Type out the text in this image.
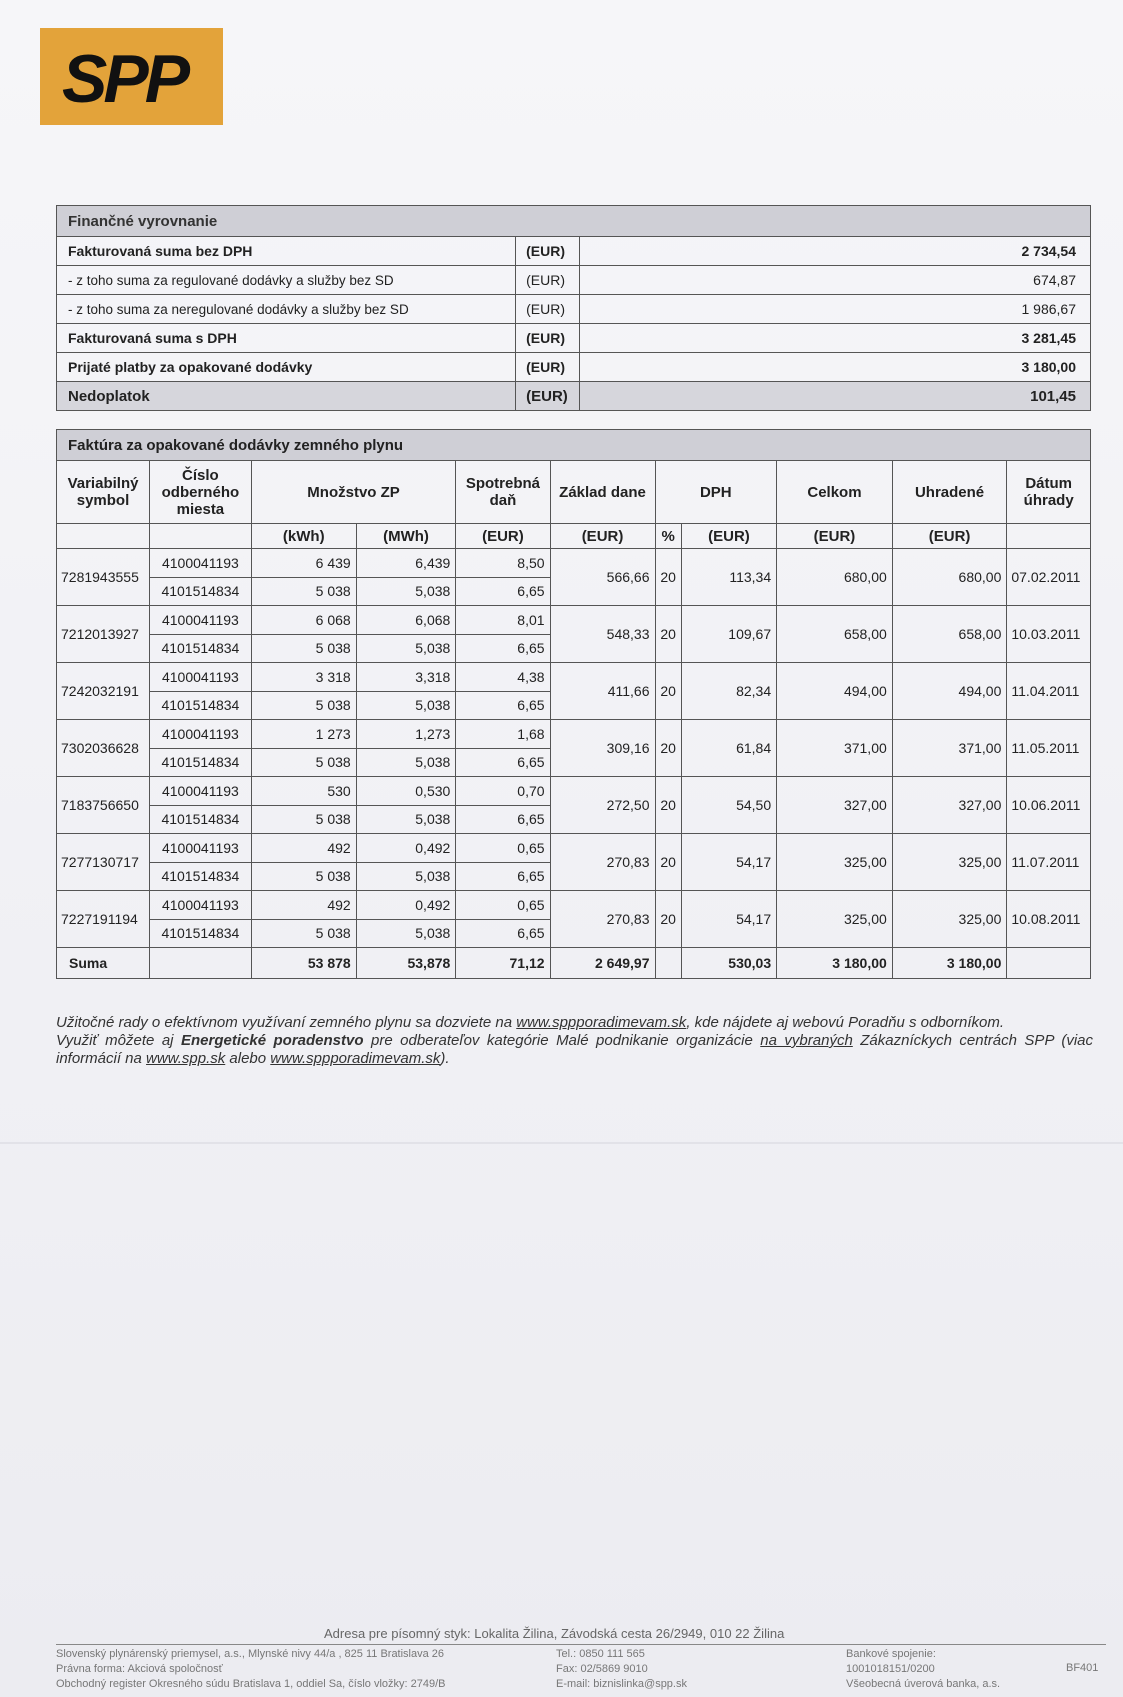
SPP
Finančné vyrovnanie		
Fakturovaná suma bez DPH	(EUR)	2 734,54
- z toho suma za regulované dodávky a služby bez SD	(EUR)	674,87
- z toho suma za neregulované dodávky a služby bez SD	(EUR)	1 986,67
Fakturovaná suma s DPH	(EUR)	3 281,45
Prijaté platby za opakované dodávky	(EUR)	3 180,00
Nedoplatok	(EUR)	101,45
Faktúra za opakované dodávky zemného plynu										
Variabilný symbol	Číslo odberného miesta	Množstvo ZP		Spotrebná daň	Základ dane	DPH		Celkom	Uhradené	Dátum úhrady
		(kWh)	(MWh)	(EUR)	(EUR)	%	(EUR)	(EUR)	(EUR)	
7281943555	4100041193	6 439	6,439	8,50	566,66	20	113,34	680,00	680,00	07.02.2011
	4101514834	5 038	5,038	6,65						
7212013927	4100041193	6 068	6,068	8,01	548,33	20	109,67	658,00	658,00	10.03.2011
	4101514834	5 038	5,038	6,65						
7242032191	4100041193	3 318	3,318	4,38	411,66	20	82,34	494,00	494,00	11.04.2011
	4101514834	5 038	5,038	6,65						
7302036628	4100041193	1 273	1,273	1,68	309,16	20	61,84	371,00	371,00	11.05.2011
	4101514834	5 038	5,038	6,65						
7183756650	4100041193	530	0,530	0,70	272,50	20	54,50	327,00	327,00	10.06.2011
	4101514834	5 038	5,038	6,65						
7277130717	4100041193	492	0,492	0,65	270,83	20	54,17	325,00	325,00	11.07.2011
	4101514834	5 038	5,038	6,65						
7227191194	4100041193	492	0,492	0,65	270,83	20	54,17	325,00	325,00	10.08.2011
	4101514834	5 038	5,038	6,65						
Suma		53 878	53,878	71,12	2 649,97		530,03	3 180,00	3 180,00	
Užitočné rady o efektívnom využívaní zemného plynu sa dozviete na www.sppporadimevam.sk, kde nájdete aj webovú Poradňu s odborníkom.
Využiť môžete aj Energetické poradenstvo pre odberateľov kategórie Malé podnikanie organizácie na vybraných Zákazníckych centrách SPP (viac informácií na www.spp.sk alebo www.sppporadimevam.sk).
Adresa pre písomný styk: Lokalita Žilina, Závodská cesta 26/2949, 010 22 Žilina
Slovenský plynárenský priemysel, a.s., Mlynské nivy 44/a , 825 11 Bratislava 26
Právna forma: Akciová spoločnosť
Obchodný register Okresného súdu Bratislava 1, oddiel Sa, číslo vložky: 2749/B
Tel.: 0850 111 565
Fax: 02/5869 9010
E-mail: biznislinka@spp.sk
Bankové spojenie:
1001018151/0200
Všeobecná úverová banka, a.s.
BF401
